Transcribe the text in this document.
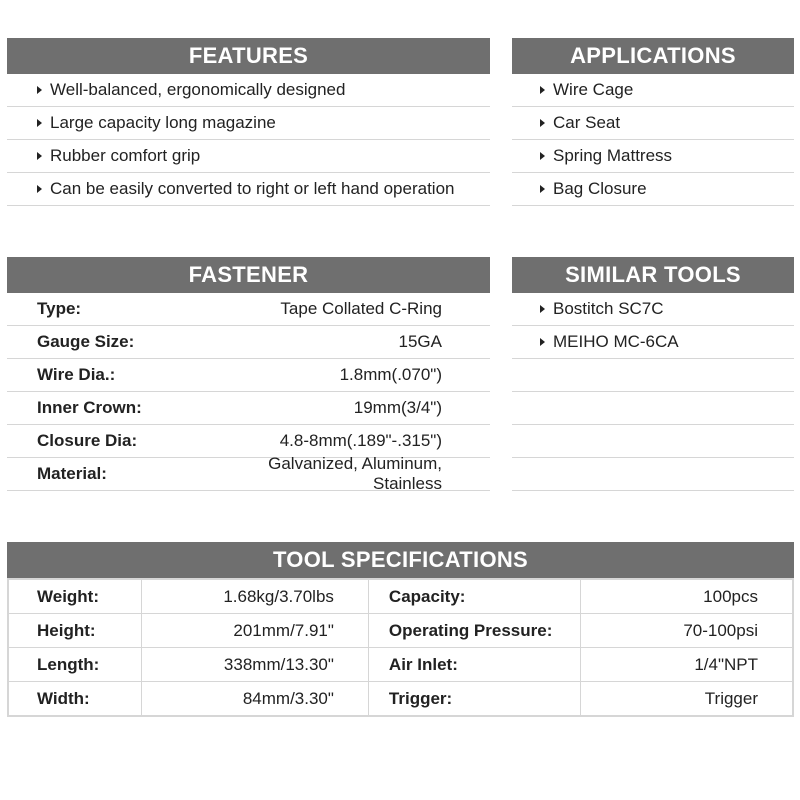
FEATURES
Well-balanced, ergonomically designed
Large capacity long magazine
Rubber comfort grip
Can be easily converted to right or left hand operation
APPLICATIONS
Wire Cage
Car Seat
Spring Mattress
Bag Closure
FASTENER
Type:	Tape Collated C-Ring
Gauge Size:	15GA
Wire Dia.:	1.8mm(.070")
Inner Crown:	19mm(3/4")
Closure Dia:	4.8-8mm(.189"-.315")
Material:
Galvanized, Aluminum, Stainless
SIMILAR TOOLS
Bostitch SC7C
MEIHO MC-6CA
TOOL SPECIFICATIONS
Weight:	1.68kg/3.70lbs	Capacity:	100pcs
Height:	201mm/7.91"	Operating Pressure:	70-100psi
Length:	338mm/13.30"	Air Inlet:	1/4"NPT
Width:	84mm/3.30"	Trigger:	Trigger
